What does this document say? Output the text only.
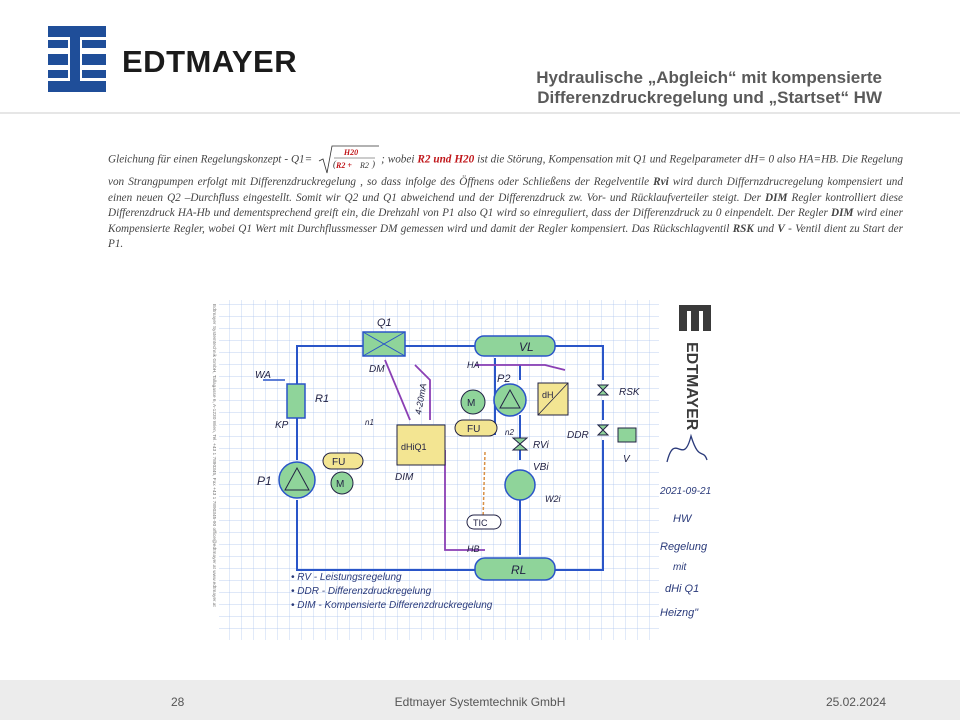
EDTMAYER	Hydraulische „Abgleich“ mit kompensierte
Differenzdruckregelung und „Startset“ HW
Gleichung für einen Regelungskonzept - Q1=
H20
R2 + R2
(	) ; wobei R2 und H20 ist die Störung, Kompensation mit Q1 und Regelparameter dH= 0 also HA=HB. Die Regelung von Strangpumpen erfolgt mit Differenzdruckregelung , so dass infolge des Öffnens oder Schließens der Regelventile Rvi wird durch Differnzdrucregelung kompensiert und einen neuen Q2 –Durchfluss eingestellt. Somit wir Q2 und Q1 abweichend und der Differenzdruck zw. Vor- und Rücklaufverteiler steigt. Der DIM Regler kontrolliert diese Differenzdruck HA-Hb und dementsprechend greift ein, die Drehzahl von P1 also Q1 wird so einreguliert, dass der Differenzdruck zu 0 einpendelt. Der Regler DIM wird einer Kompensierte Regler, wobei Q1 Wert mit Durchflussmesser DM gemessen wird und damit der Regler kompensiert. Das Rückschlagventil RSK und V - Ventil dient zu Start der P1.
Edtmayer Systemtechnik GmbH, Tallagasse 6, A-1230 Wien, Tel. +43 1 7890345, Fax +43 1 7890345-90 office@edtmayer.at www.edtmayer.at	Q1
DM
VL
RL
WA
R1
KP
P1	M
FU
dHiQ1
DIM
4-20mA
n1
P2
M
FU
dH
HA
HB
n2
RVi
VBi
W2i
TIC
RSK
DDR
V
• RV - Leistungsregelung
• DDR - Differenzdruckregelung
• DIM - Kompensierte Differenzdruckregelung
EDTMAYER
2021-09-21
HW
Regelung
mit
dHi Q1
Heizng"
28	Edtmayer Systemtechnik GmbH	25.02.2024
